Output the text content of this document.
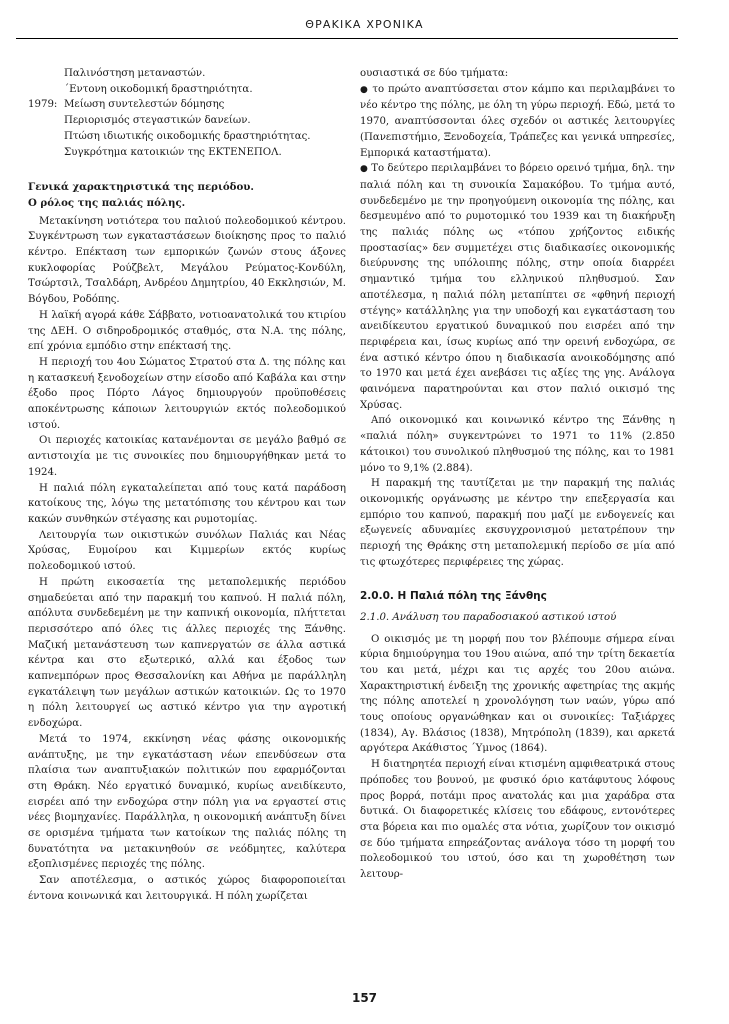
ΘΡΑΚΙΚΑ ΧΡΟΝΙΚΑ
Παλινόστηση μεταναστών.
΄Εντονη οικοδομική δραστηριότητα.
1979: Μείωση συντελεστών δόμησης
Περιορισμός στεγαστικών δανείων.
Πτώση ιδιωτικής οικοδομικής δραστηριότητας.
Συγκρότημα κατοικιών της ΕΚΤΕΝΕΠΟΛ.
Γενικά χαρακτηριστικά της περιόδου.
Ο ρόλος της παλιάς πόλης.

Μετακίνηση νοτιότερα του παλιού πολεοδομικού κέντρου. Συγκέντρωση των εγκαταστάσεων διοίκησης προς το παλιό κέντρο. Επέκταση των εμπορικών ζωνών στους άξονες κυκλοφορίας Ρούζβελτ, Μεγάλου Ρεύματος-Κονδύλη, Τσώρτσιλ, Τσαλδάρη, Ανδρέου Δημητρίου, 40 Εκκλησιών, Μ. Βόγδου, Ροδόπης.

Η λαϊκή αγορά κάθε Σάββατο, νοτιοανατολικά του κτιρίου της ΔΕΗ. Ο σιδηροδρομικός σταθμός, στα Ν.Α. της πόλης, επί χρόνια εμπόδιο στην επέκτασή της.

Η περιοχή του 4ου Σώματος Στρατού στα Δ. της πόλης και η κατασκευή ξενοδοχείων στην είσοδο από Καβάλα και στην έξοδο προς Πόρτο Λάγος δημιουργούν προϋποθέσεις αποκέντρωσης κάποιων λειτουργιών εκτός πολεοδομικού ιστού.

Οι περιοχές κατοικίας κατανέμονται σε μεγάλο βαθμό σε αντιστοιχία με τις συνοικίες που δημιουργήθηκαν μετά το 1924.

Η παλιά πόλη εγκαταλείπεται από τους κατά παράδοση κατοίκους της, λόγω της μετατόπισης του κέντρου και των κακών συνθηκών στέγασης και ρυμοτομίας.

Λειτουργία των οικιστικών συνόλων Παλιάς και Νέας Χρύσας, Ευμοίρου και Κιμμερίων εκτός κυρίως πολεοδομικού ιστού.

Η πρώτη εικοσαετία της μεταπολεμικής περιόδου σημαδεύεται από την παρακμή του καπνού. Η παλιά πόλη, απόλυτα συνδεδεμένη με την καπνική οικονομία, πλήττεται περισσότερο από όλες τις άλλες περιοχές της Ξάνθης. Μαζική μετανάστευση των καπνεργατών σε άλλα αστικά κέντρα και στο εξωτερικό, αλλά και έξοδος των καπνεμπόρων προς Θεσσαλονίκη και Αθήνα με παράλληλη εγκατάλειψη των μεγάλων αστικών κατοικιών. Ως το 1970 η πόλη λειτουργεί ως αστικό κέντρο για την αγροτική ενδοχώρα.

Μετά το 1974, εκκίνηση νέας φάσης οικονομικής ανάπτυξης, με την εγκατάσταση νέων επενδύσεων στα πλαίσια των αναπτυξιακών πολιτικών που εφαρμόζονται στη Θράκη. Νέο εργατικό δυναμικό, κυρίως ανειδίκευτο, εισρέει από την ενδοχώρα στην πόλη για να εργαστεί στις νέες βιομηχανίες. Παράλληλα, η οικονομική ανάπτυξη δίνει σε ορισμένα τμήματα των κατοίκων της παλιάς πόλης τη δυνατότητα να μετακινηθούν σε νεόδμητες, καλύτερα εξοπλισμένες περιοχές της πόλης.

Σαν αποτέλεσμα, ο αστικός χώρος διαφοροποιείται έντονα κοινωνικά και λειτουργικά. Η πόλη χωρίζεται

ουσιαστικά σε δύο τμήματα:

● το πρώτο αναπτύσσεται στον κάμπο και περιλαμβάνει το νέο κέντρο της πόλης, με όλη τη γύρω περιοχή. Εδώ, μετά το 1970, αναπτύσσονται όλες σχεδόν οι αστικές λειτουργίες (Πανεπιστήμιο, Ξενοδοχεία, Τράπεζες και γενικά υπηρεσίες, Εμπορικά καταστήματα).

● Το δεύτερο περιλαμβάνει το βόρειο ορεινό τμήμα, δηλ. την παλιά πόλη και τη συνοικία Σαμακόβου. Το τμήμα αυτό, συνδεδεμένο με την προηγούμενη οικονομία της πόλης, και δεσμευμένο από το ρυμοτομικό του 1939 και τη διακήρυξη της παλιάς πόλης ως «τόπου χρήζοντος ειδικής προστασίας» δεν συμμετέχει στις διαδικασίες οικονομικής διεύρυνσης της υπόλοιπης πόλης, στην οποία διαρρέει σημαντικό τμήμα του ελληνικού πληθυσμού. Σαν αποτέλεσμα, η παλιά πόλη μεταπίπτει σε «φθηνή περιοχή στέγης» κατάλληλης για την υποδοχή και εγκατάσταση του ανειδίκευτου εργατικού δυναμικού που εισρέει από την περιφέρεια και, ίσως κυρίως από την ορεινή ενδοχώρα, σε ένα αστικό κέντρο όπου η διαδικασία ανοικοδόμησης από το 1970 και μετά έχει ανεβάσει τις αξίες της γης. Ανάλογα φαινόμενα παρατηρούνται και στον παλιό οικισμό της Χρύσας.

Από οικονομικό και κοινωνικό κέντρο της Ξάνθης η «παλιά πόλη» συγκεντρώνει το 1971 το 11% (2.850 κάτοικοι) του συνολικού πληθυσμού της πόλης, και το 1981 μόνο το 9,1% (2.884).

Η παρακμή της ταυτίζεται με την παρακμή της παλιάς οικονομικής οργάνωσης με κέντρο την επεξεργασία και εμπόριο του καπνού, παρακμή που μαζί με ενδογενείς και εξωγενείς αδυναμίες εκσυγχρονισμού μετατρέπουν την περιοχή της Θράκης στη μεταπολεμική περίοδο σε μία από τις φτωχότερες περιφέρειες της χώρας.

2.0.0. Η Παλιά πόλη της Ξάνθης
2.1.0. Ανάλυση του παραδοσιακού αστικού ιστού

Ο οικισμός με τη μορφή που τον βλέπουμε σήμερα είναι κύρια δημιούργημα του 19ου αιώνα, από την τρίτη δεκαετία του και μετά, μέχρι και τις αρχές του 20ου αιώνα. Χαρακτηριστική ένδειξη της χρονικής αφετηρίας της ακμής της πόλης αποτελεί η χρονολόγηση των ναών, γύρω από τους οποίους οργανώθηκαν και οι συνοικίες: Ταξιάρχες (1834), Αγ. Βλάσιος (1838), Μητρόπολη (1839), και αρκετά αργότερα Ακάθιστος ΄Υμνος (1864).

Η διατηρητέα περιοχή είναι κτισμένη αμφιθεατρικά στους πρόποδες του βουνού, με φυσικό όριο κατάφυτους λόφους προς βορρά, ποτάμι προς ανατολάς και μια χαράδρα στα δυτικά. Οι διαφορετικές κλίσεις του εδάφους, εντονότερες στα βόρεια και πιο ομαλές στα νότια, χωρίζουν τον οικισμό σε δύο τμήματα επηρεάζοντας ανάλογα τόσο τη μορφή του πολεοδομικού του ιστού, όσο και τη χωροθέτηση των λειτουρ-

157
